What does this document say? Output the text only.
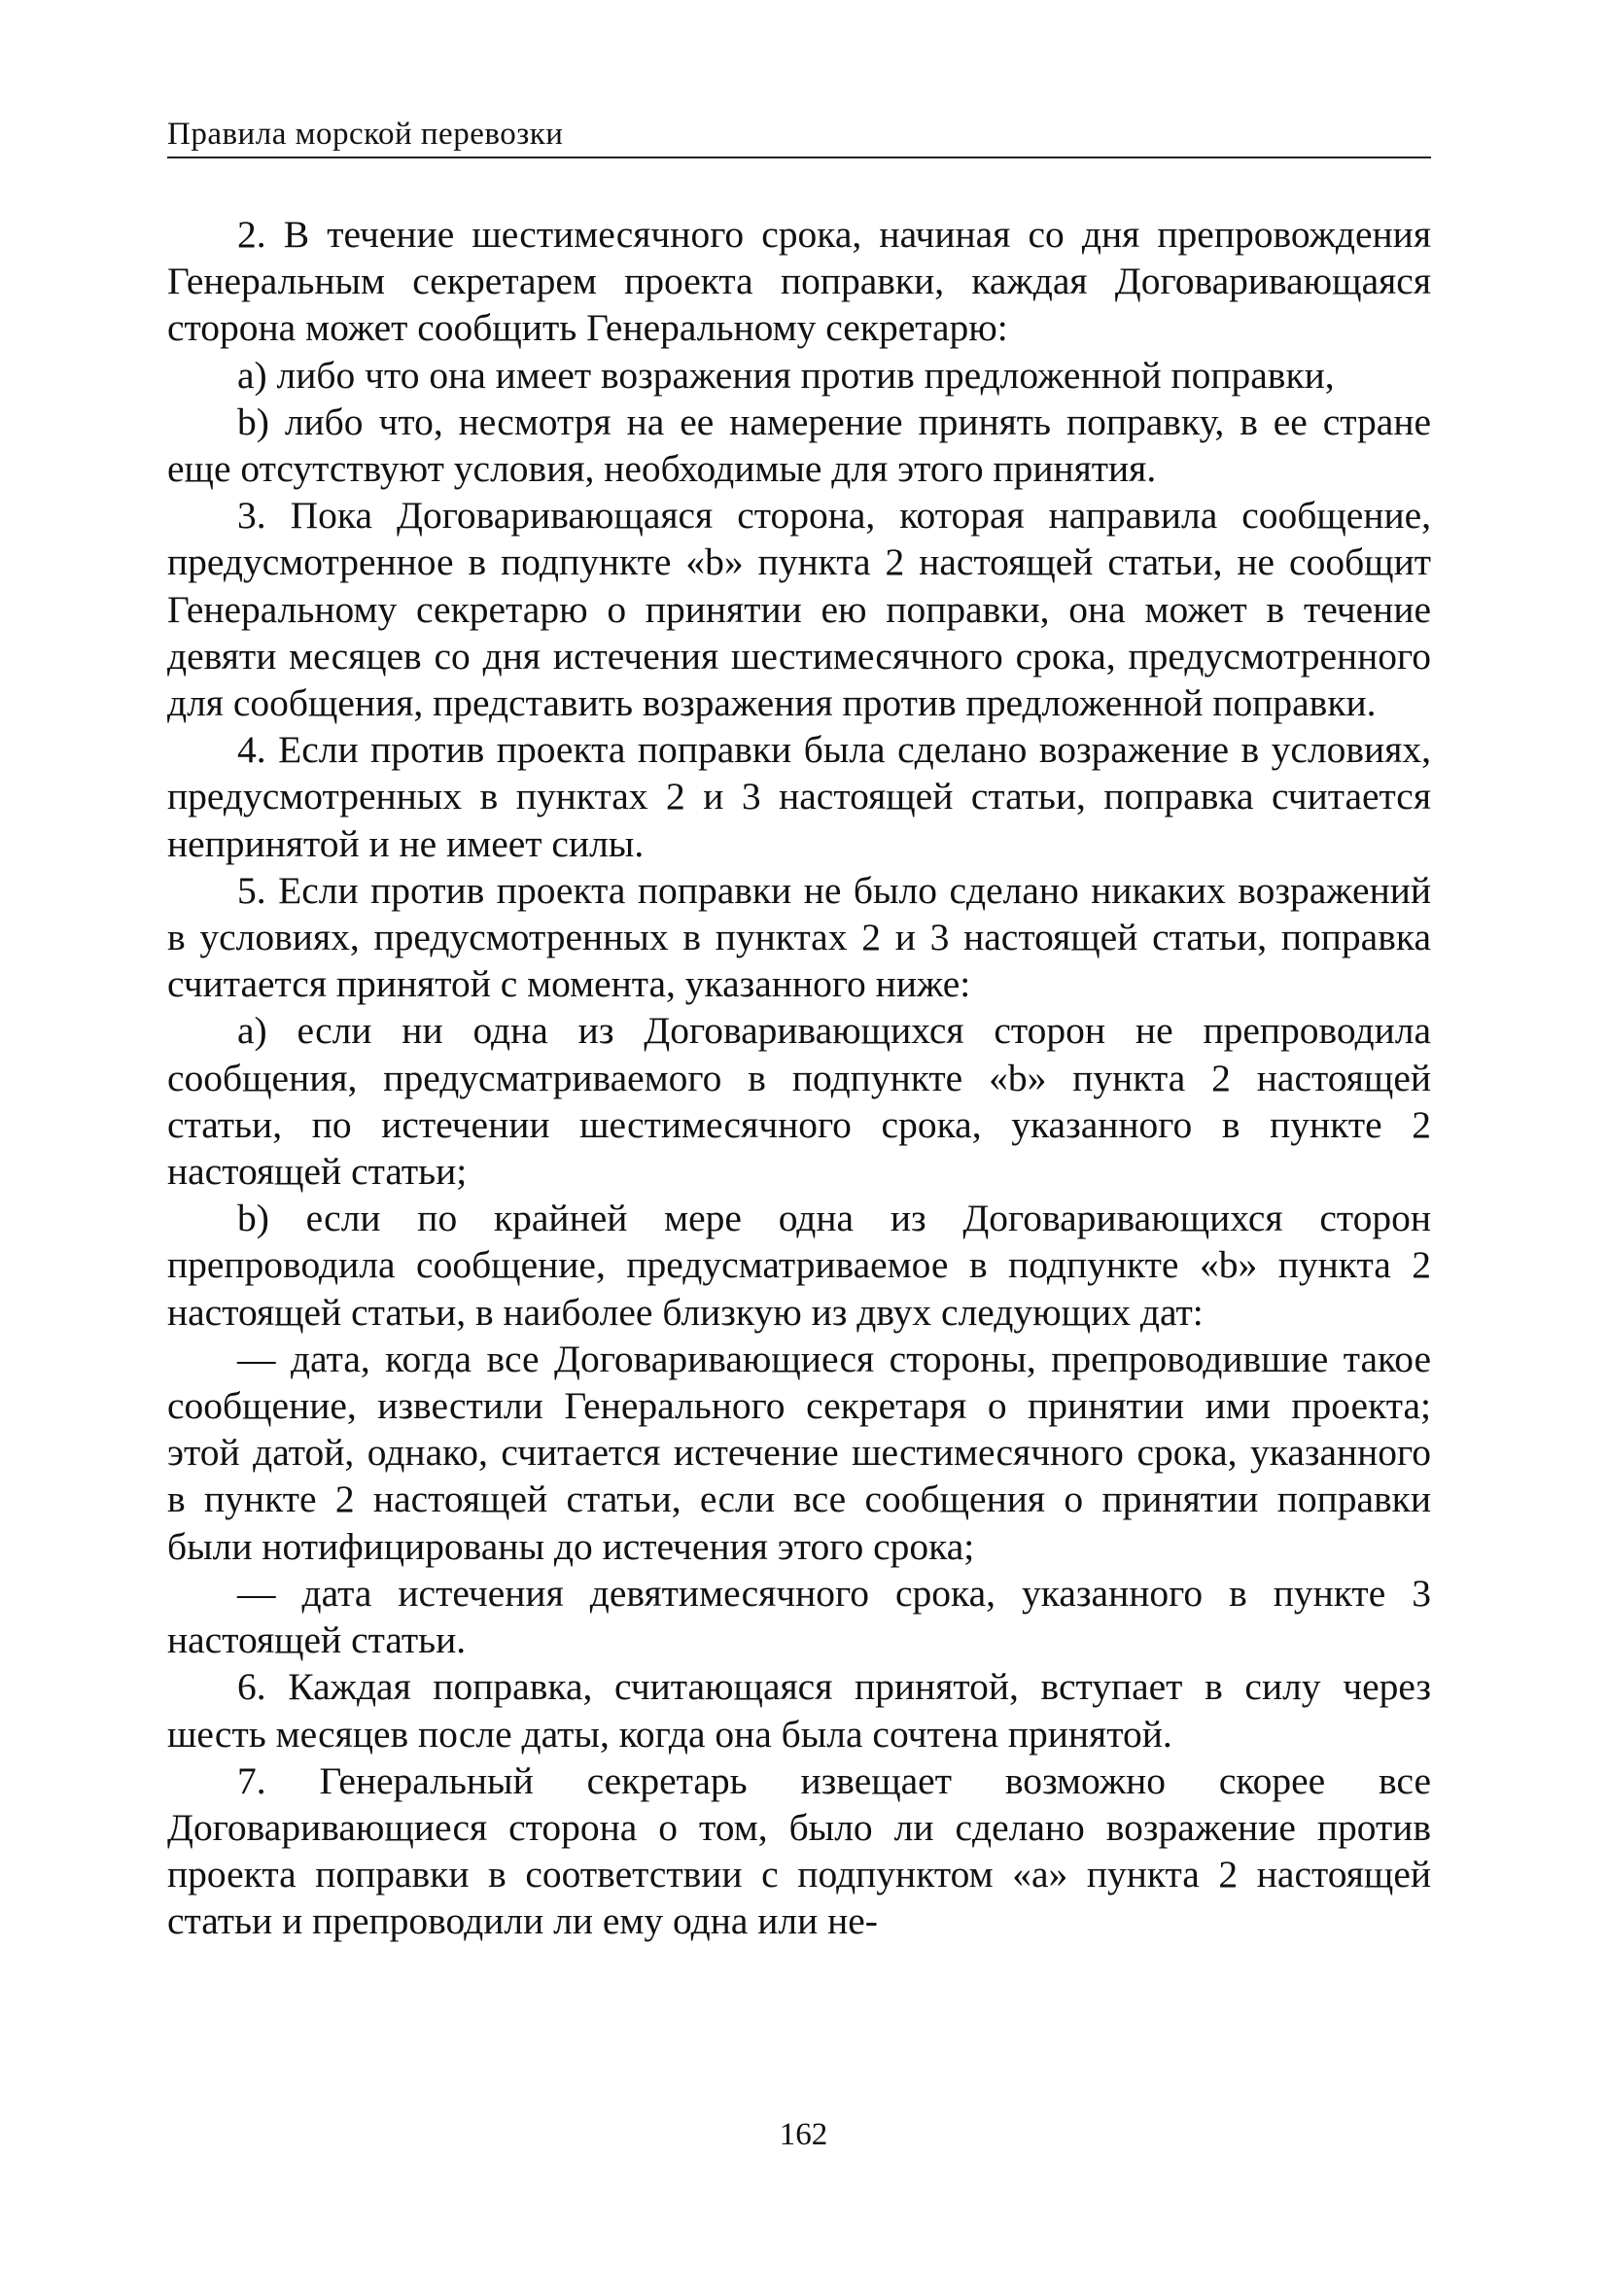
Правила морской перевозки

2. В течение шестимесячного срока, начиная со дня препровождения Генеральным секретарем проекта поправки, каждая Договаривающаяся сторона может сообщить Генеральному секретарю:

а) либо что она имеет возражения против предложенной поправки,

b) либо что, несмотря на ее намерение принять поправку, в ее стране еще отсутствуют условия, необходимые для этого принятия.

3. Пока Договаривающаяся сторона, которая направила сообщение, предусмотренное в подпункте «b» пункта 2 настоящей статьи, не сообщит Генеральному секретарю о принятии ею поправки, она может в течение девяти месяцев со дня истечения шестимесячного срока, предусмотренного для сообщения, представить возражения против предложенной поправки.

4. Если против проекта поправки была сделано возражение в условиях, предусмотренных в пунктах 2 и 3 настоящей статьи, поправка считается непринятой и не имеет силы.

5. Если против проекта поправки не было сделано никаких возражений в условиях, предусмотренных в пунктах 2 и 3 настоящей статьи, поправка считается принятой с момента, указанного ниже:

а) если ни одна из Договаривающихся сторон не препроводила сообщения, предусматриваемого в подпункте «b» пункта 2 настоящей статьи, по истечении шестимесячного срока, указанного в пункте 2 настоящей статьи;

b) если по крайней мере одна из Договаривающихся сторон препроводила сообщение, предусматриваемое в подпункте «b» пункта 2 настоящей статьи, в наиболее близкую из двух следующих дат:

— дата, когда все Договаривающиеся стороны, препроводившие такое сообщение, известили Генерального секретаря о принятии ими проекта; этой датой, однако, считается истечение шестимесячного срока, указанного в пункте 2 настоящей статьи, если все сообщения о принятии поправки были нотифицированы до истечения этого срока;

— дата истечения девятимесячного срока, указанного в пункте 3 настоящей статьи.

6. Каждая поправка, считающаяся принятой, вступает в силу через шесть месяцев после даты, когда она была сочтена принятой.

7. Генеральный секретарь извещает возможно скорее все Договаривающиеся сторона о том, было ли сделано возражение против проекта поправки в соответствии с подпунктом «а» пункта 2 настоящей статьи и препроводили ли ему одна или не-

162
